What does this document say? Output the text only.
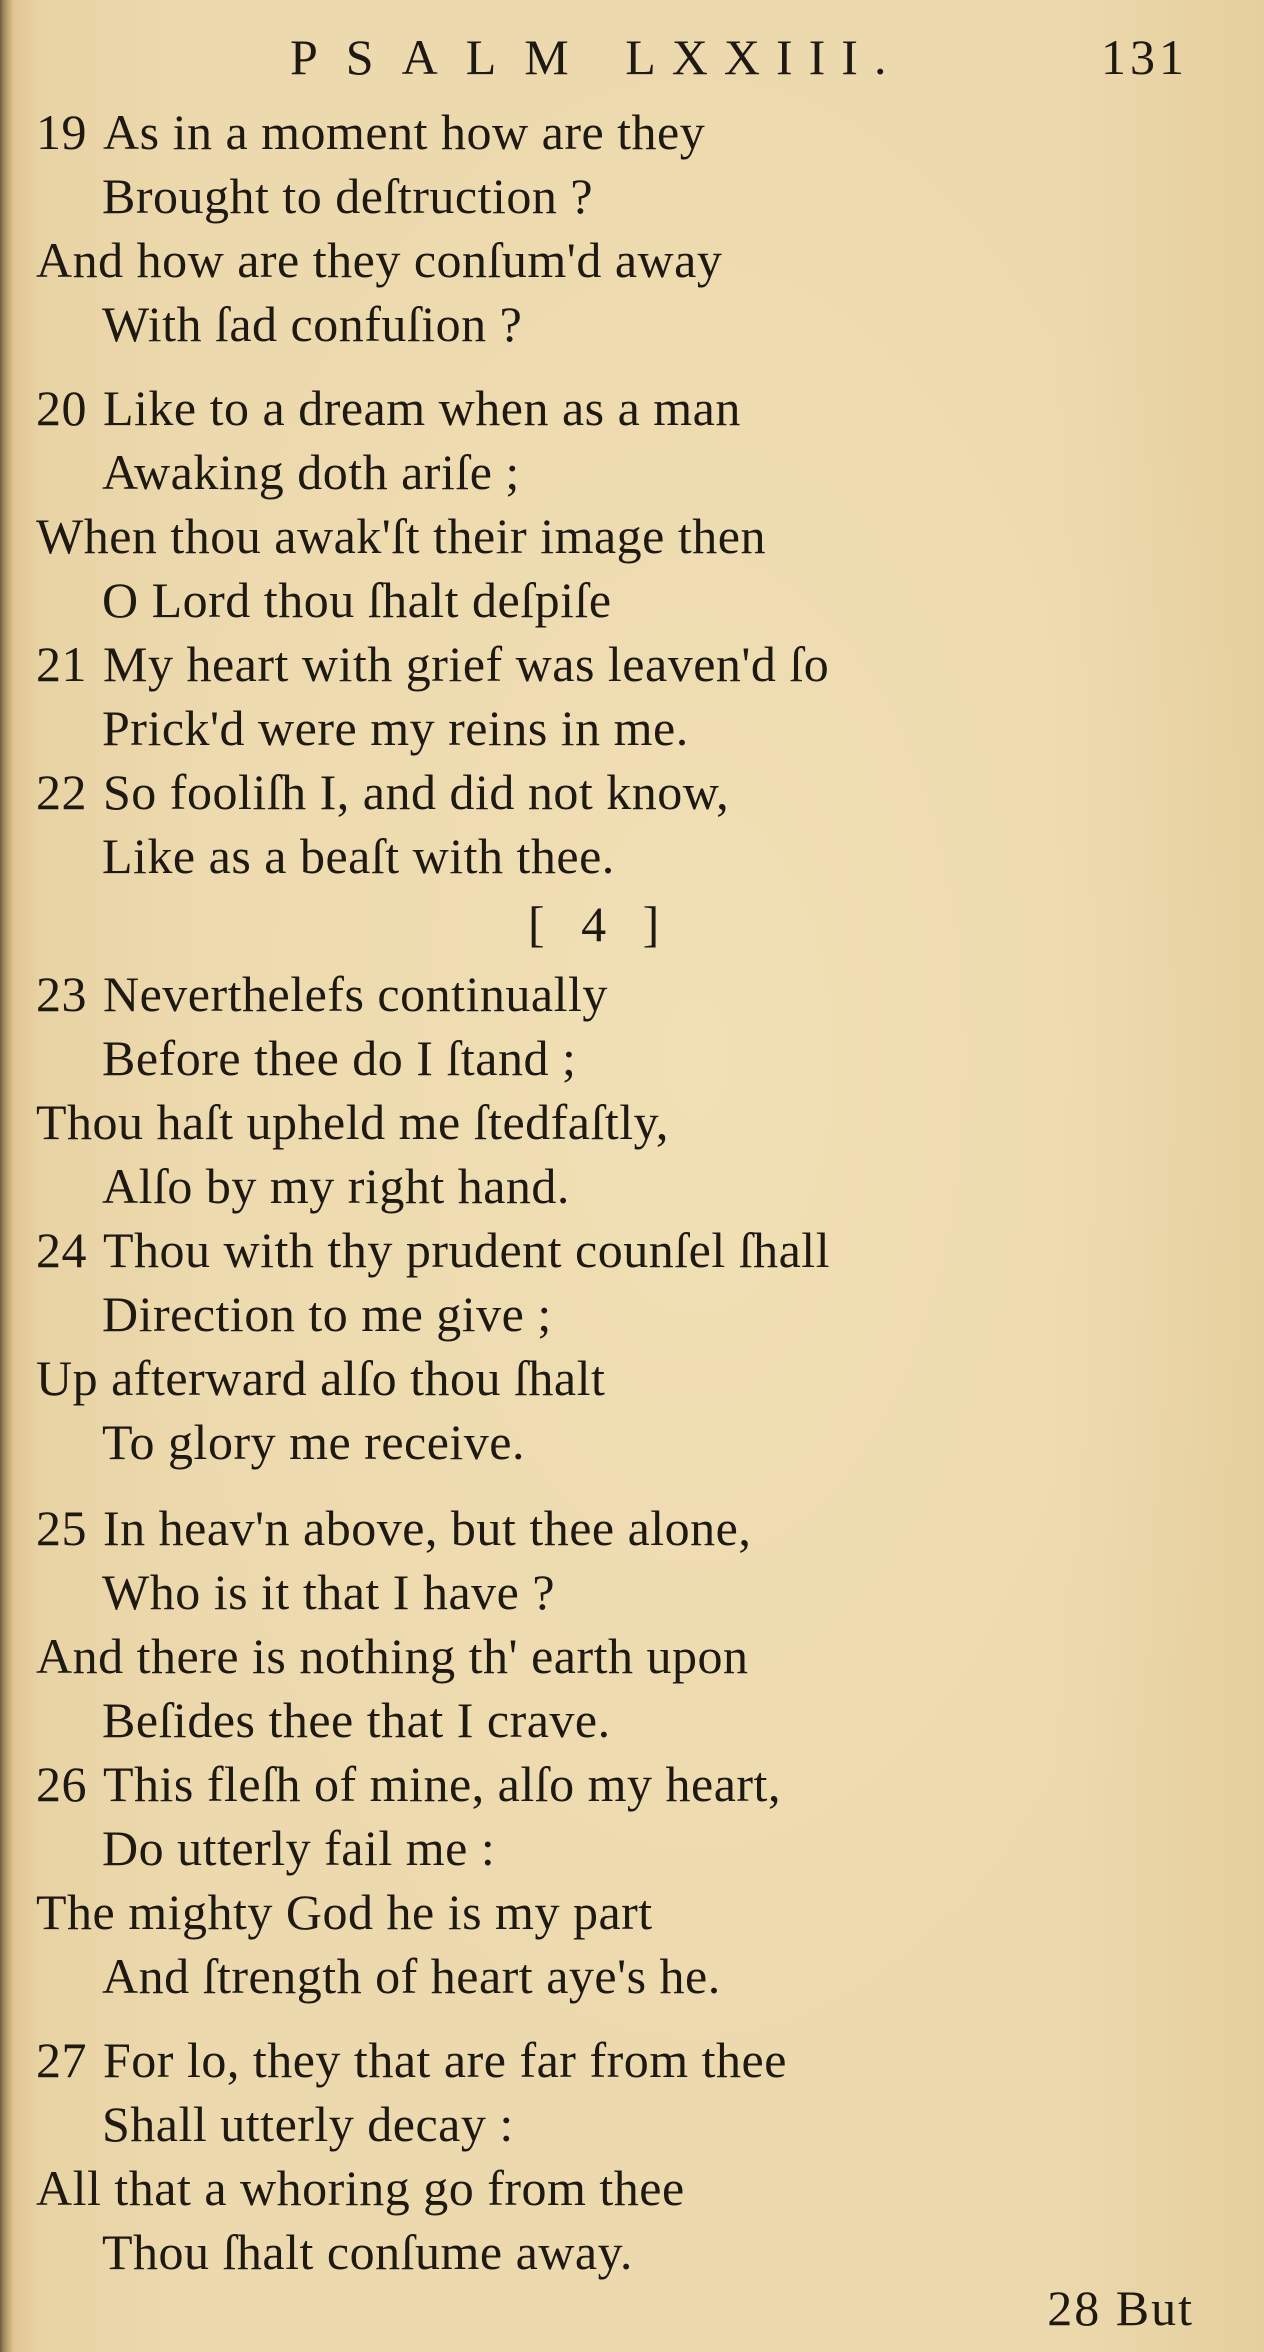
PSALM LXXIII.	131
19 As in a moment how are they
Brought to deſtruction ?
And how are they conſum'd away
With ſad confuſion ?
20 Like to a dream when as a man
Awaking doth ariſe ;
When thou awak'ſt their image then
O Lord thou ſhalt deſpiſe
21 My heart with grief was leaven'd ſo
Prick'd were my reins in me.
22 So fooliſh I, and did not know,
Like as a beaſt with thee.
[ 4 ]
23 Neverthelefs continually
Before thee do I ſtand ;
Thou haſt upheld me ſtedfaſtly,
Alſo by my right hand.
24 Thou with thy prudent counſel ſhall
Direction to me give ;
Up afterward alſo thou ſhalt
To glory me receive.
25 In heav'n above, but thee alone,
Who is it that I have ?
And there is nothing th' earth upon
Beſides thee that I crave.
26 This fleſh of mine, alſo my heart,
Do utterly fail me :
The mighty God he is my part
And ſtrength of heart aye's he.
27 For lo, they that are far from thee
Shall utterly decay :
All that a whoring go from thee
Thou ſhalt conſume away.
28 But
